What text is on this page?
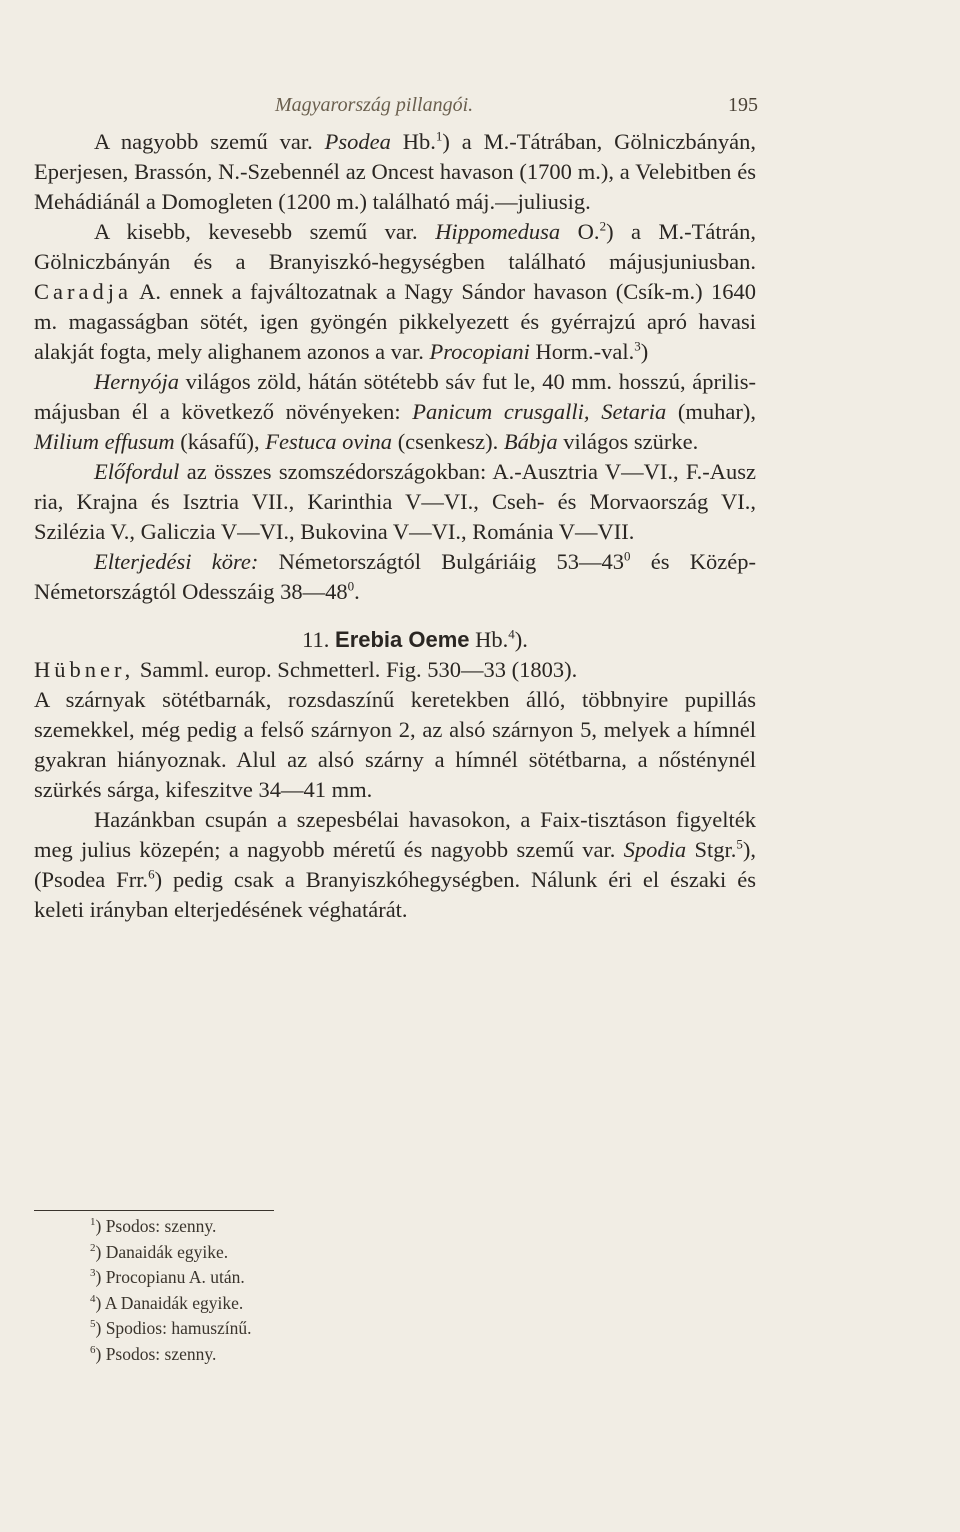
Magyarország pillangói.	195

A nagyobb szemű var. Psodea Hb.$^1$) a M.-Tátrában, Gölniczbányán, Eperjesen, Brassón, N.-Szebennél az Oncest havason (1700 m.), a Velebitben és Mehádiánál a Domogleten (1200 m.) található máj.—juliusig.

A kisebb, kevesebb szemű var. Hippomedusa O.$^2$) a M.-Tátrán, Gölniczbányán és a Branyiszkó-hegységben található májusjuniusban. Caradja A. ennek a fajváltozatnak a Nagy Sándor havason (Csík-m.) 1640 m. magasságban sötét, igen gyöngén pikkelyezett és gyérrajzú apró havasi alakját fogta, mely alighanem azonos a var. Procopiani Horm.-val.$^3$)

Hernyója világos zöld, hátán sötétebb sáv fut le, 40 mm. hosszú, április-májusban él a következő növényeken: Panicum crusgalli, Setaria (muhar), Milium effusum (kásafű), Festuca ovina (csenkesz). Bábja világos szürke.

Előfordul az összes szomszédországokban: A.-Ausztria V—VI., F.-Ausz ria, Krajna és Isztria VII., Karinthia V—VI., Cseh- és Morvaország VI., Szilézia V., Galiczia V—VI., Bukovina V—VI., Románia V—VII.

Elterjedési köre: Németországtól Bulgáriáig $53—43^0$ és Közép-Németországtól Odesszáig $38—48^0$.

11. Erebia Oeme Hb.$^4$).

Hübner, Samml. europ. Schmetterl. Fig. 530—33 (1803).

A szárnyak sötétbarnák, rozsdaszínű keretekben álló, többnyire pupillás szemekkel, még pedig a felső szárnyon 2, az alsó szárnyon 5, melyek a hímnél gyakran hiányoznak. Alul az alsó szárny a hímnél sötétbarna, a nősténynél szürkés sárga, kifeszitve 34—41 mm.

Hazánkban csupán a szepesbélai havasokon, a Faix-tisztáson figyelték meg julius közepén; a nagyobb méretű és nagyobb szemű var. Spodia Stgr.$^5$), (Psodea Frr.$^6$) pedig csak a Branyiszkóhegységben. Nálunk éri el északi és keleti irányban elterjedésének véghatárát.

$^1$) Psodos: szenny.
$^2$) Danaidák egyike.
$^3$) Procopianu A. után.
$^4$) A Danaidák egyike.
$^5$) Spodios: hamuszínű.
$^6$) Psodos: szenny.
